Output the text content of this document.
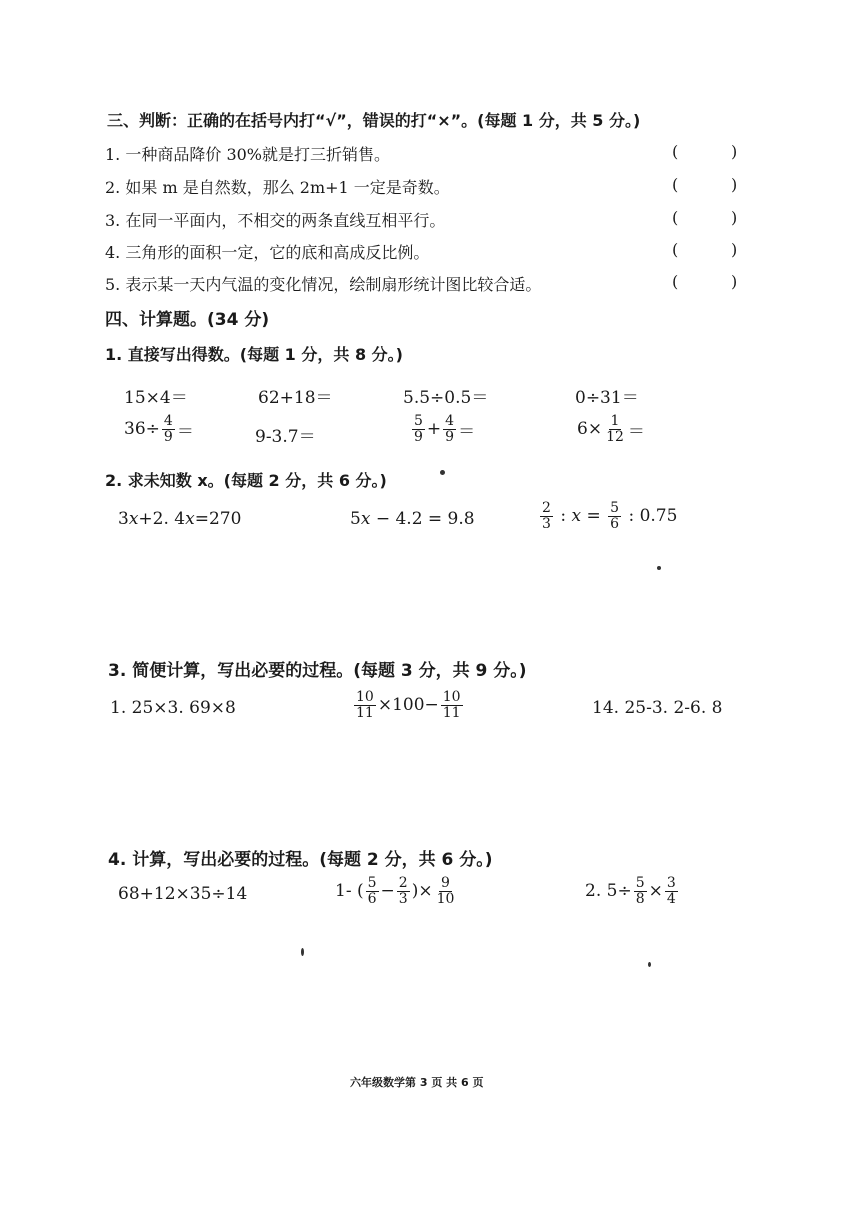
三、判断：正确的在括号内打“√”，错误的打“×”。(每题 1 分，共 5 分。)
1. 一种商品降价 30%就是打三折销售。	(	)
2. 如果 m 是自然数，那么 2m+1 一定是奇数。	(	)
3. 在同一平面内，不相交的两条直线互相平行。	(	)
4. 三角形的面积一定，它的底和高成反比例。	(	)
5. 表示某一天内气温的变化情况，绘制扇形统计图比较合适。	(	)
四、计算题。(34 分)
1. 直接写出得数。(每题 1 分，共 8 分。)
15×4＝	62+18＝	5.5÷0.5＝	0÷31＝
$36\div \frac{4}{9}$ ＝	9-3.7＝	$\frac{5}{9} + \frac{4}{9}$ ＝	$6\times \frac{1}{12}$ ＝
2. 求未知数 x。(每题 2 分，共 6 分。)
3 x +2. 4 x =270	5 x − 4.2 = 9.8	$\frac{2}{3}$ : $x = \frac{5}{6}$ : 0.75
3. 简便计算，写出必要的过程。(每题 3 分，共 9 分。)
1. 25×3. 69×8	$\frac{10}{11} \times 100- \frac{10}{11}$	14. 25-3. 2-6. 8
4. 计算，写出必要的过程。(每题 2 分，共 6 分。)
68+12×35÷14	1- ( $\frac{5}{6} - \frac{2}{3}$ )× $\frac{9}{10}$	2. $5\div \frac{5}{8} \times \frac{3}{4}$
六年级数学第 3 页 共 6 页
